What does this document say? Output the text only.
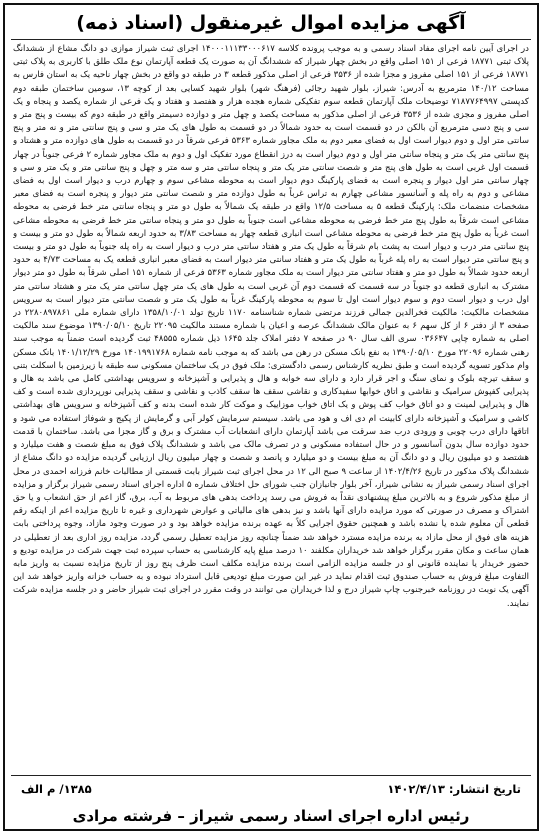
آگهی مزایده اموال غیرمنقول (اسناد ذمه)
در اجرای آیین نامه اجرای مفاد اسناد رسمی و به موجب پرونده کلاسه ۱۴۰۰۰۱۱۱۳۳۰۰۰۶۱۷ اجرای ثبت شیراز موازی دو دانگ مشاع از ششدانگ پلاک ثبتی ۱۸۷۷۱ فرعی از ۱۵۱ اصلی واقع در بخش چهار شیراز که ششدانگ آن به صورت یک قطعه آپارتمان نوع ملک طلق با کاربری به پلاک ثبتی ۱۸۷۷۱ فرعی از ۱۵۱ اصلی مفروز و مجزا شده از ۳۵۳۶ فرعی از اصلی مذکور قطعه ۳ در طبقه دو واقع در بخش چهار ناحیه یک به استان فارس به مساحت ۱۴۰/۱۲ مترمربع به آدرس: شیراز، بلوار شهید رجائی (فرهنگ شهر) بلوار شهید کسایی بعد از کوچه ۱۳، سومین ساختمان طبقه دوم کدپستی ۷۱۸۷۷۶۴۹۹۷ توضیحات ملک آپارتمان قطعه سوم تفکیکی شماره هجده هزار و هفتصد و هفتاد و یک فرعی از شماره یکصد و پنجاه و یک اصلی مفروز و مجزی شده از ۳۵۳۶ فرعی از اصلی مذکور به مساحت یکصد و چهل متر و دوازده دسیمتر واقع در طبقه دوم که بیست و پنج متر و سی و پنج دسی مترمربع آن بالکن در دو قسمت است به حدود شمالاً در دو قسمت به طول های یک متر و سی و پنج سانتی متر و نه متر و پنج سانتی متر اول و دوم دیوار است اول به فضای معبر دوم به ملک مجاور شماره ۵۳۶۳ فرعی شرقاً در دو قسمت به طول های دوازده متر و هشتاد و پنج سانتی متر یک متر و پنجاه سانتی متر اول و دوم دیوار است به درز انقطاع مورد تفکیک اول و دوم به ملک مجاور شماره ۲ فرعی جنوباً در چهار قسمت اول غربی است به طول های پنج متر و شصت سانتی متر یک متر و پنجاه سانتی متر و سه متر و چهل و پنج سانتی متر و یک متر و سی و چهار سانتی متر اول دیوار و پنجره است به فضای پارکینگ دوم دیوار است به محوطه مشاعی سوم و چهارم درب و دیوار است اول به فضای مشاعی و دوم به راه پله و آسانسور مشاعی چهارم به تراس غرباً به طول دوازده متر و شصت سانتی متر دیوار و پنجره است به فضای معبر مشخصات منضمات ملک: پارکینگ قطعه ۵ به مساحت ۱۲/۵ واقع در طبقه یک شمالاً به طول دو متر و پنجاه سانتی متر خط فرضی به محوطه مشاعی است شرقاً به طول پنج متر خط فرضی به محوطه مشاعی است جنوباً به طول دو متر و پنجاه سانتی متر خط فرضی به محوطه مشاعی است غرباً به طول پنج متر خط فرضی به محوطه مشاعی است انباری قطعه چهار به مساحت ۳/۸۳ به حدود اربعه شمالاً به طول دو متر و بیست و پنج سانتی متر درب و دیوار است به پشت بام شرقاً به طول یک متر و هفتاد سانتی متر درب و دیوار است به راه پله جنوباً به طول دو متر و بیست و پنج سانتی متر دیوار است به راه پله غرباً به طول یک متر و هفتاد سانتی متر دیوار است به فضای معبر انباری قطعه یک به مساحت ۴/۷۳ به حدود اربعه حدود شمالاً به طول دو متر و هفتاد سانتی متر دیوار است به ملک مجاور شماره ۵۳۶۳ فرعی از شماره ۱۵۱ اصلی شرقاً به طول دو متر دیوار مشترک به انباری قطعه دو جنوباً در سه قسمت که قسمت دوم آن غربی است به طول های یک متر چهل سانتی متر یک متر و هشتاد سانتی متر اول درب و دیوار است دوم و سوم دیوار است اول تا سوم به محوطه پارکینگ غرباً به طول یک متر و شصت سانتی متر دیوار است به سرویس مشخصات مالکیت: مالکیت فخرالدین جمالی فرزند مرتضی شماره شناسنامه ۱۱۷۰ تاریخ تولد ۱۳۵۸/۱۰/۰۱ دارای شماره ملی ۲۲۸۰۸۹۷۸۶۱ در صفحه ۳ از دفتر ۶ از کل سهم ۶ به عنوان مالک ششدانگ عرصه و اعیان با شماره مستند مالکیت ۲۲۰۹۵ تاریخ ۱۳۹۰/۰۵/۱۰ موضوع سند مالکیت اصلی به شماره چاپی ۰۳۶۶۴۷ سری الف سال ۹۰ در صفحه ۷ دفتر املاک جلد ۱۶۴۵ ذیل شماره ۴۸۵۵۵ ثبت گردیده است ضمناً به موجب سند رهنی شماره ۲۲۰۹۶ مورخ ۱۳۹۰/۰۵/۱۰ به نفع بانک مسکن در رهن می باشد که به موجب نامه شماره ۱۴۰۱۹۹۱۷۶۸ مورخ ۱۴۰۱/۱۲/۲۹ بانک مسکن وام مذکور تسویه گردیده است و طبق نظریه کارشناس رسمی دادگستری: ملک فوق در یک ساختمان مسکونی سه طبقه با زیرزمین با اسکلت بتنی و سقف تیرچه بلوک و نمای سنگ و اجر قرار دارد و دارای سه خوابه و هال و پذیرایی و آشپزخانه و سرویس بهداشتی کامل می باشد به هال و پذیرایی کفپوش سرامیک و نقاشی و اتاق خوابها سفیدکاری و نقاشی سقف ها سقف کاذب و نقاشی و سقف پذیرایی نورپردازی شده است و کف هال و پذیرایی لمینت و دو اتاق خواب کف پوش و یک اتاق خواب موزاییک و موکت کار شده است بدنه و کف آشپزخانه و سرویس های بهداشتی کاشی و سرامیک و آشپزخانه دارای کابینت ام دی اف و هود می باشد. سیستم سرمایش کولر آبی و گرمایش از پکیج و شوفاژ استفاده می شود و اتاقها دارای درب چوبی و ورودی درب ضد سرقت می باشد آپارتمان دارای انشعابات آب مشترک و برق و گاز مجزا می باشد. ساختمان با قدمت حدود دوازده سال بدون آسانسور و در حال استفاده مسکونی و در تصرف مالک می باشد و ششدانگ پلاک فوق به مبلغ شصت و هفت میلیارد و هشتصد و دو میلیون ریال و دو دانگ آن به مبلغ بیست و دو میلیارد و پانصد و شصت و چهار میلیون ریال ارزیابی گردیده مزایده دو دانگ مشاع از ششدانگ پلاک مذکور در تاریخ ۱۴۰۲/۴/۲۶ از ساعت ۹ صبح الی ۱۲ در محل اجرای ثبت شیراز بابت قسمتی از مطالبات خانم فرزانه احمدی در محل اجرای اسناد رسمی شیراز به نشانی شیراز، آخر بلوار جانبازان جنب شورای حل اختلاف شماره ۵ اداره اجرای اسناد رسمی شیراز برگزار و مزایده از مبلغ مذکور شروع و به بالاترین مبلغ پیشنهادی نقداً به فروش می رسد پرداخت بدهی های مربوط به آب، برق، گاز اعم از حق انشعاب و یا حق اشتراک و مصرف در صورتی که مورد مزایده دارای آنها باشد و نیز بدهی های مالیاتی و عوارض شهرداری و غیره تا تاریخ مزایده اعم از اینکه رقم قطعی آن معلوم شده یا نشده باشد و همچنین حقوق اجرایی کلاً به عهده برنده مزایده خواهد بود و در صورت وجود مازاد، وجوه پرداختی بابت هزینه های فوق از محل مازاد به برنده مزایده مسترد خواهد شد ضمناً چنانچه روز مزایده تعطیل رسمی گردد، مزایده روز اداری بعد از تعطیلی در همان ساعت و مکان مقرر برگزار خواهد شد خریداران مکلفند ۱۰ درصد مبلغ پایه کارشناسی به حساب سپرده ثبت جهت شرکت در مزایده تودیع و حضور خریدار یا نماینده قانونی او در جلسه مزایده الزامی است برنده مزایده مکلف است ظرف پنج روز از تاریخ مزایده نسبت به واریز مابه التفاوت مبلغ فروش به حساب صندوق ثبت اقدام نماید در غیر این صورت مبلغ تودیعی قابل استرداد نبوده و به حساب خزانه واریز خواهد شد این آگهی یک نوبت در روزنامه خبرجنوب چاپ شیراز درج و لذا خریداران می توانند در وقت مقرر در اجرای ثبت شیراز حاضر و در جلسه مزایده شرکت نمایند.
تاریخ انتشار: ۱۴۰۲/۴/۱۳
۱۳۸۵/ م الف
رئیس اداره اجرای اسناد رسمی شیراز – فرشته مرادی
